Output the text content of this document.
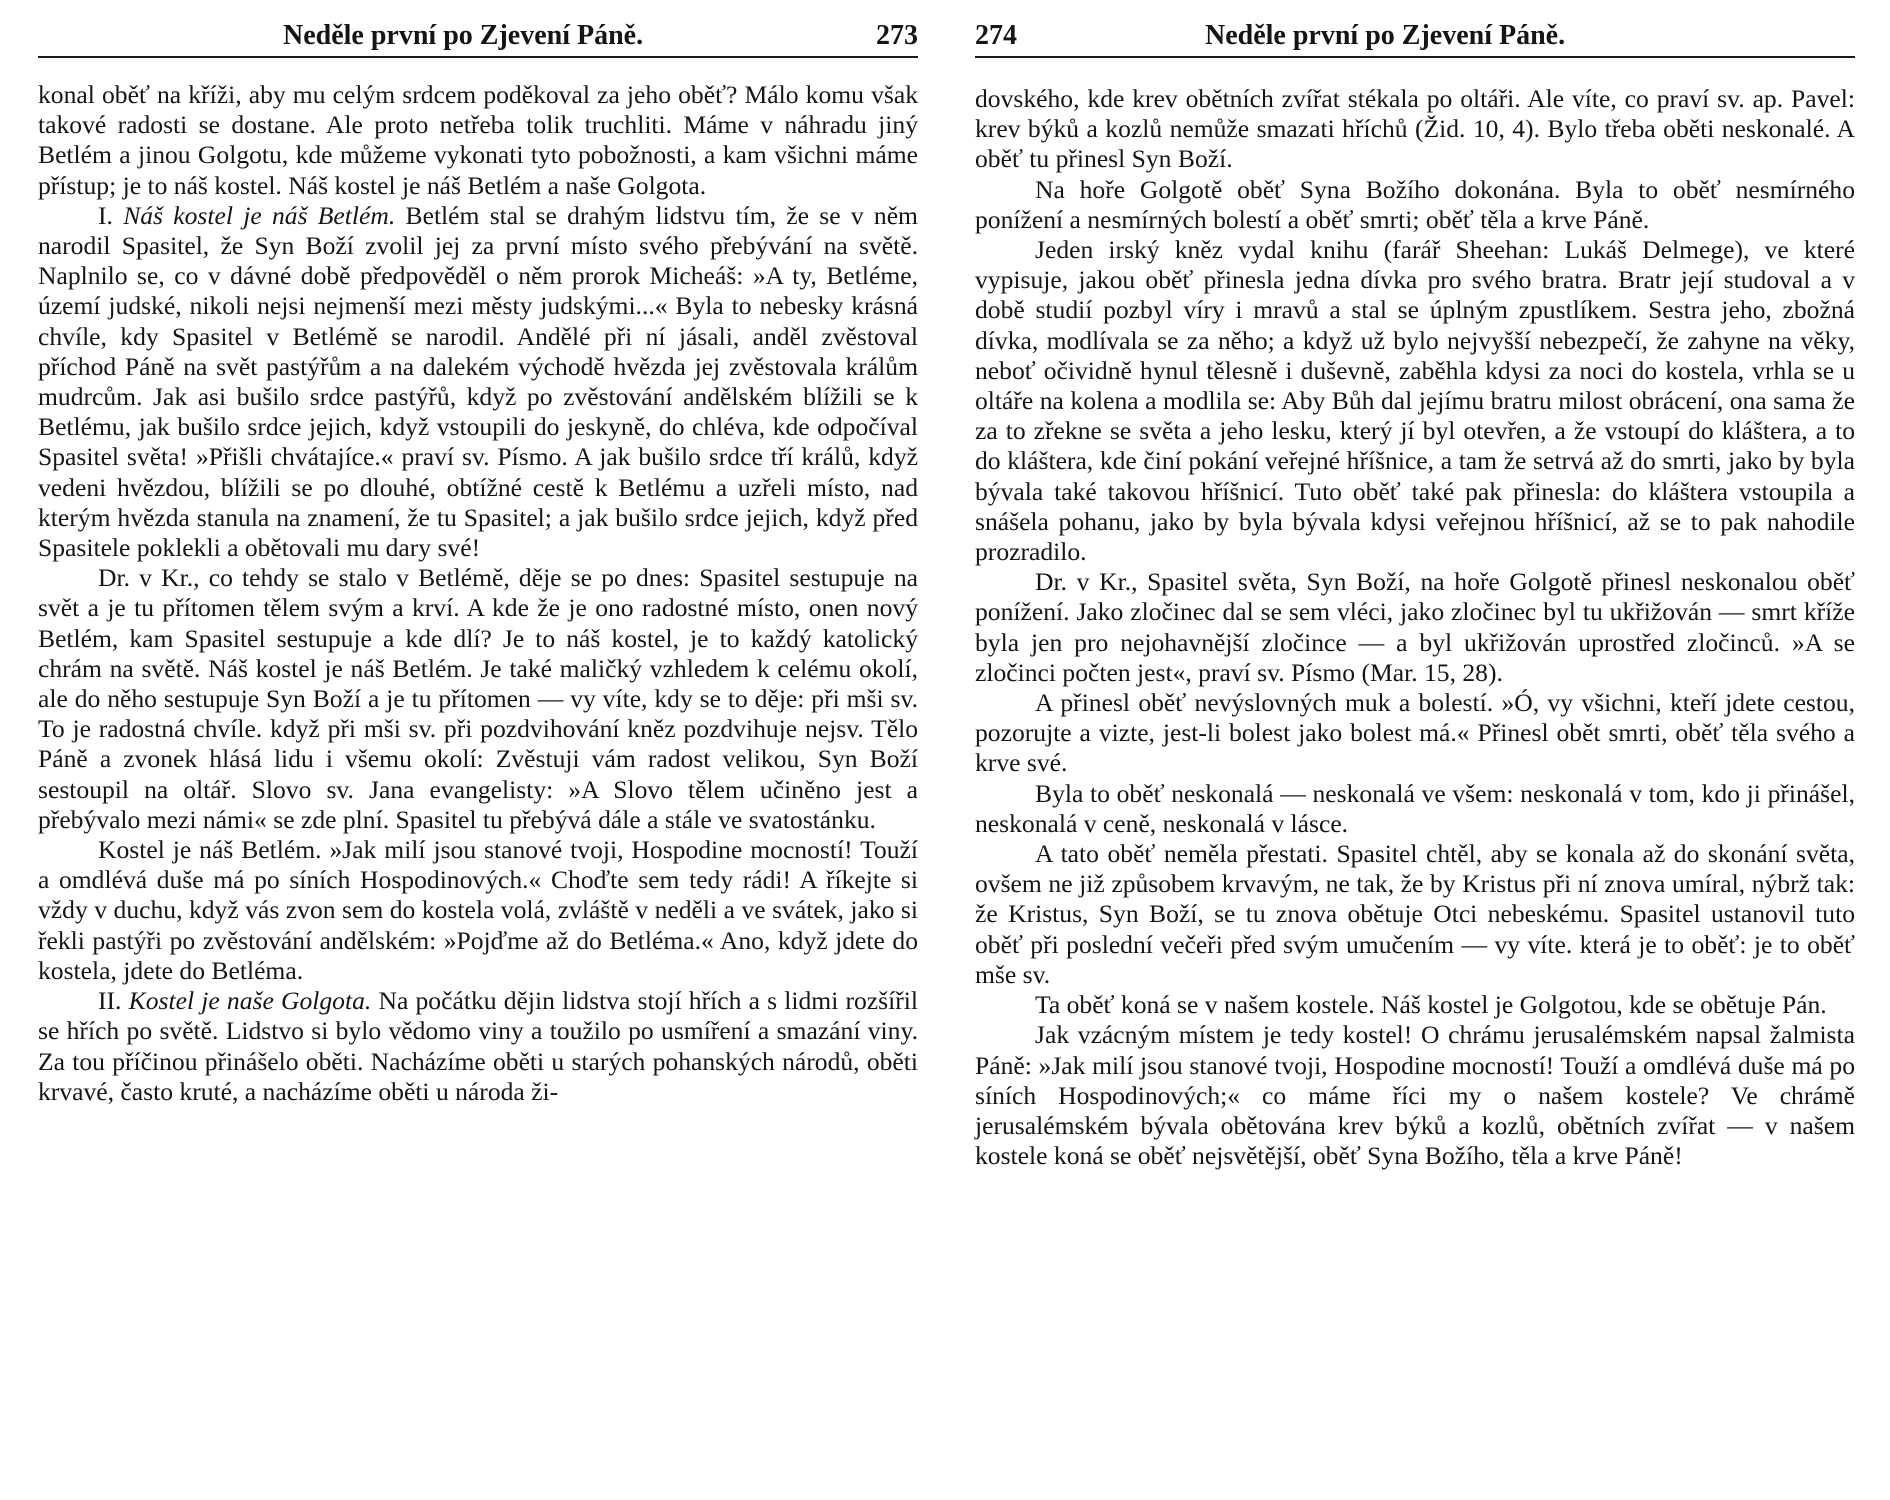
Neděle první po Zjevení Páně.	273

konal oběť na kříži, aby mu celým srdcem poděkoval za jeho oběť? Málo komu však takové radosti se dostane. Ale proto netřeba tolik truchliti. Máme v náhradu jiný Betlém a jinou Golgotu, kde můžeme vykonati tyto pobožnosti, a kam všichni máme přístup; je to náš kostel. Náš kostel je náš Betlém a naše Golgota.

I. Náš kostel je náš Betlém. Betlém stal se drahým lidstvu tím, že se v něm narodil Spasitel, že Syn Boží zvolil jej za první místo svého přebývání na světě. Naplnilo se, co v dávné době předpověděl o něm prorok Micheáš: »A ty, Betléme, území judské, nikoli nejsi nejmenší mezi městy judskými...« Byla to nebesky krásná chvíle, kdy Spasitel v Betlémě se narodil. Andělé při ní jásali, anděl zvěstoval příchod Páně na svět pastýřům a na dalekém východě hvězda jej zvěstovala králům mudrcům. Jak asi bušilo srdce pastýřů, když po zvěstování andělském blížili se k Betlému, jak bušilo srdce jejich, když vstoupili do jeskyně, do chléva, kde odpočíval Spasitel světa! »Přišli chvátajíce.« praví sv. Písmo. A jak bušilo srdce tří králů, když vedeni hvězdou, blížili se po dlouhé, obtížné cestě k Betlému a uzřeli místo, nad kterým hvězda stanula na znamení, že tu Spasitel; a jak bušilo srdce jejich, když před Spasitele poklekli a obětovali mu dary své!

Dr. v Kr., co tehdy se stalo v Betlémě, děje se po dnes: Spasitel sestupuje na svět a je tu přítomen tělem svým a krví. A kde že je ono radostné místo, onen nový Betlém, kam Spasitel sestupuje a kde dlí? Je to náš kostel, je to každý katolický chrám na světě. Náš kostel je náš Betlém. Je také maličký vzhledem k celému okolí, ale do něho sestupuje Syn Boží a je tu přítomen — vy víte, kdy se to děje: při mši sv. To je radostná chvíle. když při mši sv. při pozdvihování kněz pozdvihuje nejsv. Tělo Páně a zvonek hlásá lidu i všemu okolí: Zvěstuji vám radost velikou, Syn Boží sestoupil na oltář. Slovo sv. Jana evangelisty: »A Slovo tělem učiněno jest a přebývalo mezi námi« se zde plní. Spasitel tu přebývá dále a stále ve svatostánku.

Kostel je náš Betlém. »Jak milí jsou stanové tvoji, Hospodine mocností! Touží a omdlévá duše má po síních Hospodinových.« Choďte sem tedy rádi! A říkejte si vždy v duchu, když vás zvon sem do kostela volá, zvláště v neděli a ve svátek, jako si řekli pastýři po zvěstování andělském: »Pojďme až do Betléma.« Ano, když jdete do kostela, jdete do Betléma.

II. Kostel je naše Golgota. Na počátku dějin lidstva stojí hřích a s lidmi rozšířil se hřích po světě. Lidstvo si bylo vědomo viny a toužilo po usmíření a smazání viny. Za tou příčinou přinášelo oběti. Nacházíme oběti u starých pohanských národů, oběti krvavé, často kruté, a nacházíme oběti u národa ži-

274	Neděle první po Zjevení Páně.

dovského, kde krev obětních zvířat stékala po oltáři. Ale víte, co praví sv. ap. Pavel: krev býků a kozlů nemůže smazati hříchů (Žid. 10, 4). Bylo třeba oběti neskonalé. A oběť tu přinesl Syn Boží.

Na hoře Golgotě oběť Syna Božího dokonána. Byla to oběť nesmírného ponížení a nesmírných bolestí a oběť smrti; oběť těla a krve Páně.

Jeden irský kněz vydal knihu (farář Sheehan: Lukáš Delmege), ve které vypisuje, jakou oběť přinesla jedna dívka pro svého bratra. Bratr její studoval a v době studií pozbyl víry i mravů a stal se úplným zpustlíkem. Sestra jeho, zbožná dívka, modlívala se za něho; a když už bylo nejvyšší nebezpečí, že zahyne na věky, neboť očividně hynul tělesně i duševně, zaběhla kdysi za noci do kostela, vrhla se u oltáře na kolena a modlila se: Aby Bůh dal jejímu bratru milost obrácení, ona sama že za to zřekne se světa a jeho lesku, který jí byl otevřen, a že vstoupí do kláštera, a to do kláštera, kde činí pokání veřejné hříšnice, a tam že setrvá až do smrti, jako by byla bývala také takovou hříšnicí. Tuto oběť také pak přinesla: do kláštera vstoupila a snášela pohanu, jako by byla bývala kdysi veřejnou hříšnicí, až se to pak nahodile prozradilo.

Dr. v Kr., Spasitel světa, Syn Boží, na hoře Golgotě přinesl neskonalou oběť ponížení. Jako zločinec dal se sem vléci, jako zločinec byl tu ukřižován — smrt kříže byla jen pro nejohavnější zločince — a byl ukřižován uprostřed zločinců. »A se zločinci počten jest«, praví sv. Písmo (Mar. 15, 28).

A přinesl oběť nevýslovných muk a bolestí. »Ó, vy všichni, kteří jdete cestou, pozorujte a vizte, jest-li bolest jako bolest má.« Přinesl obět smrti, oběť těla svého a krve své.

Byla to oběť neskonalá — neskonalá ve všem: neskonalá v tom, kdo ji přinášel, neskonalá v ceně, neskonalá v lásce.

A tato oběť neměla přestati. Spasitel chtěl, aby se konala až do skonání světa, ovšem ne již způsobem krvavým, ne tak, že by Kristus při ní znova umíral, nýbrž tak: že Kristus, Syn Boží, se tu znova obětuje Otci nebeskému. Spasitel ustanovil tuto oběť při poslední večeři před svým umučením — vy víte. která je to oběť: je to oběť mše sv.

Ta oběť koná se v našem kostele. Náš kostel je Golgotou, kde se obětuje Pán.

Jak vzácným místem je tedy kostel! O chrámu jerusalémském napsal žalmista Páně: »Jak milí jsou stanové tvoji, Hospodine mocností! Touží a omdlévá duše má po síních Hospodinových;« co máme říci my o našem kostele? Ve chrámě jerusalémském bývala obětována krev býků a kozlů, obětních zvířat — v našem kostele koná se oběť nejsvětější, oběť Syna Božího, těla a krve Páně!
